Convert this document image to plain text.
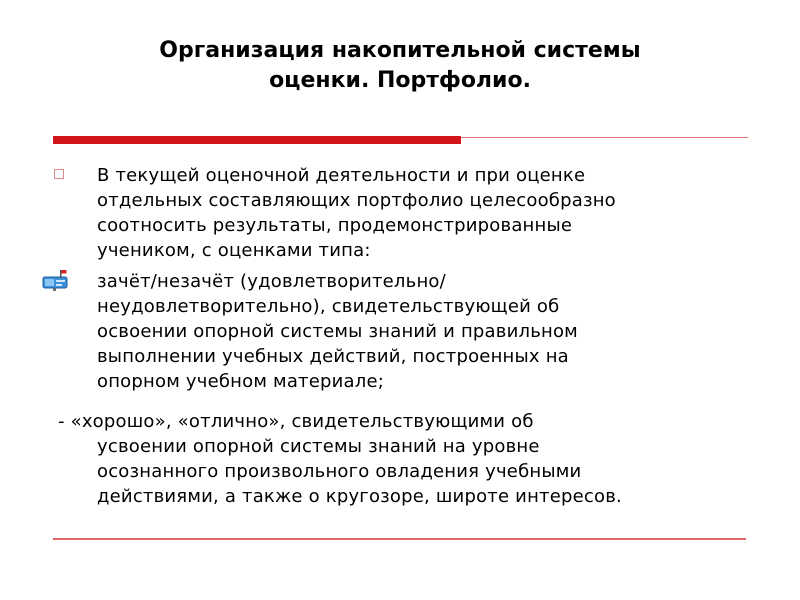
Организация накопительной системы
оценки. Портфолио.

В текущей оценочной деятельности и при оценке
отдельных составляющих портфолио целесообразно
соотносить результаты, продемонстрированные
учеником, с оценками типа:

зачёт/незачёт (удовлетворительно/
неудовлетворительно), свидетельствующей об
освоении опорной системы знаний и правильном
выполнении учебных действий, построенных на
опорном учебном материале;

- «хорошо», «отлично», свидетельствующими об
усвоении опорной системы знаний на уровне
осознанного произвольного овладения учебными
действиями, а также о кругозоре, широте интересов.
